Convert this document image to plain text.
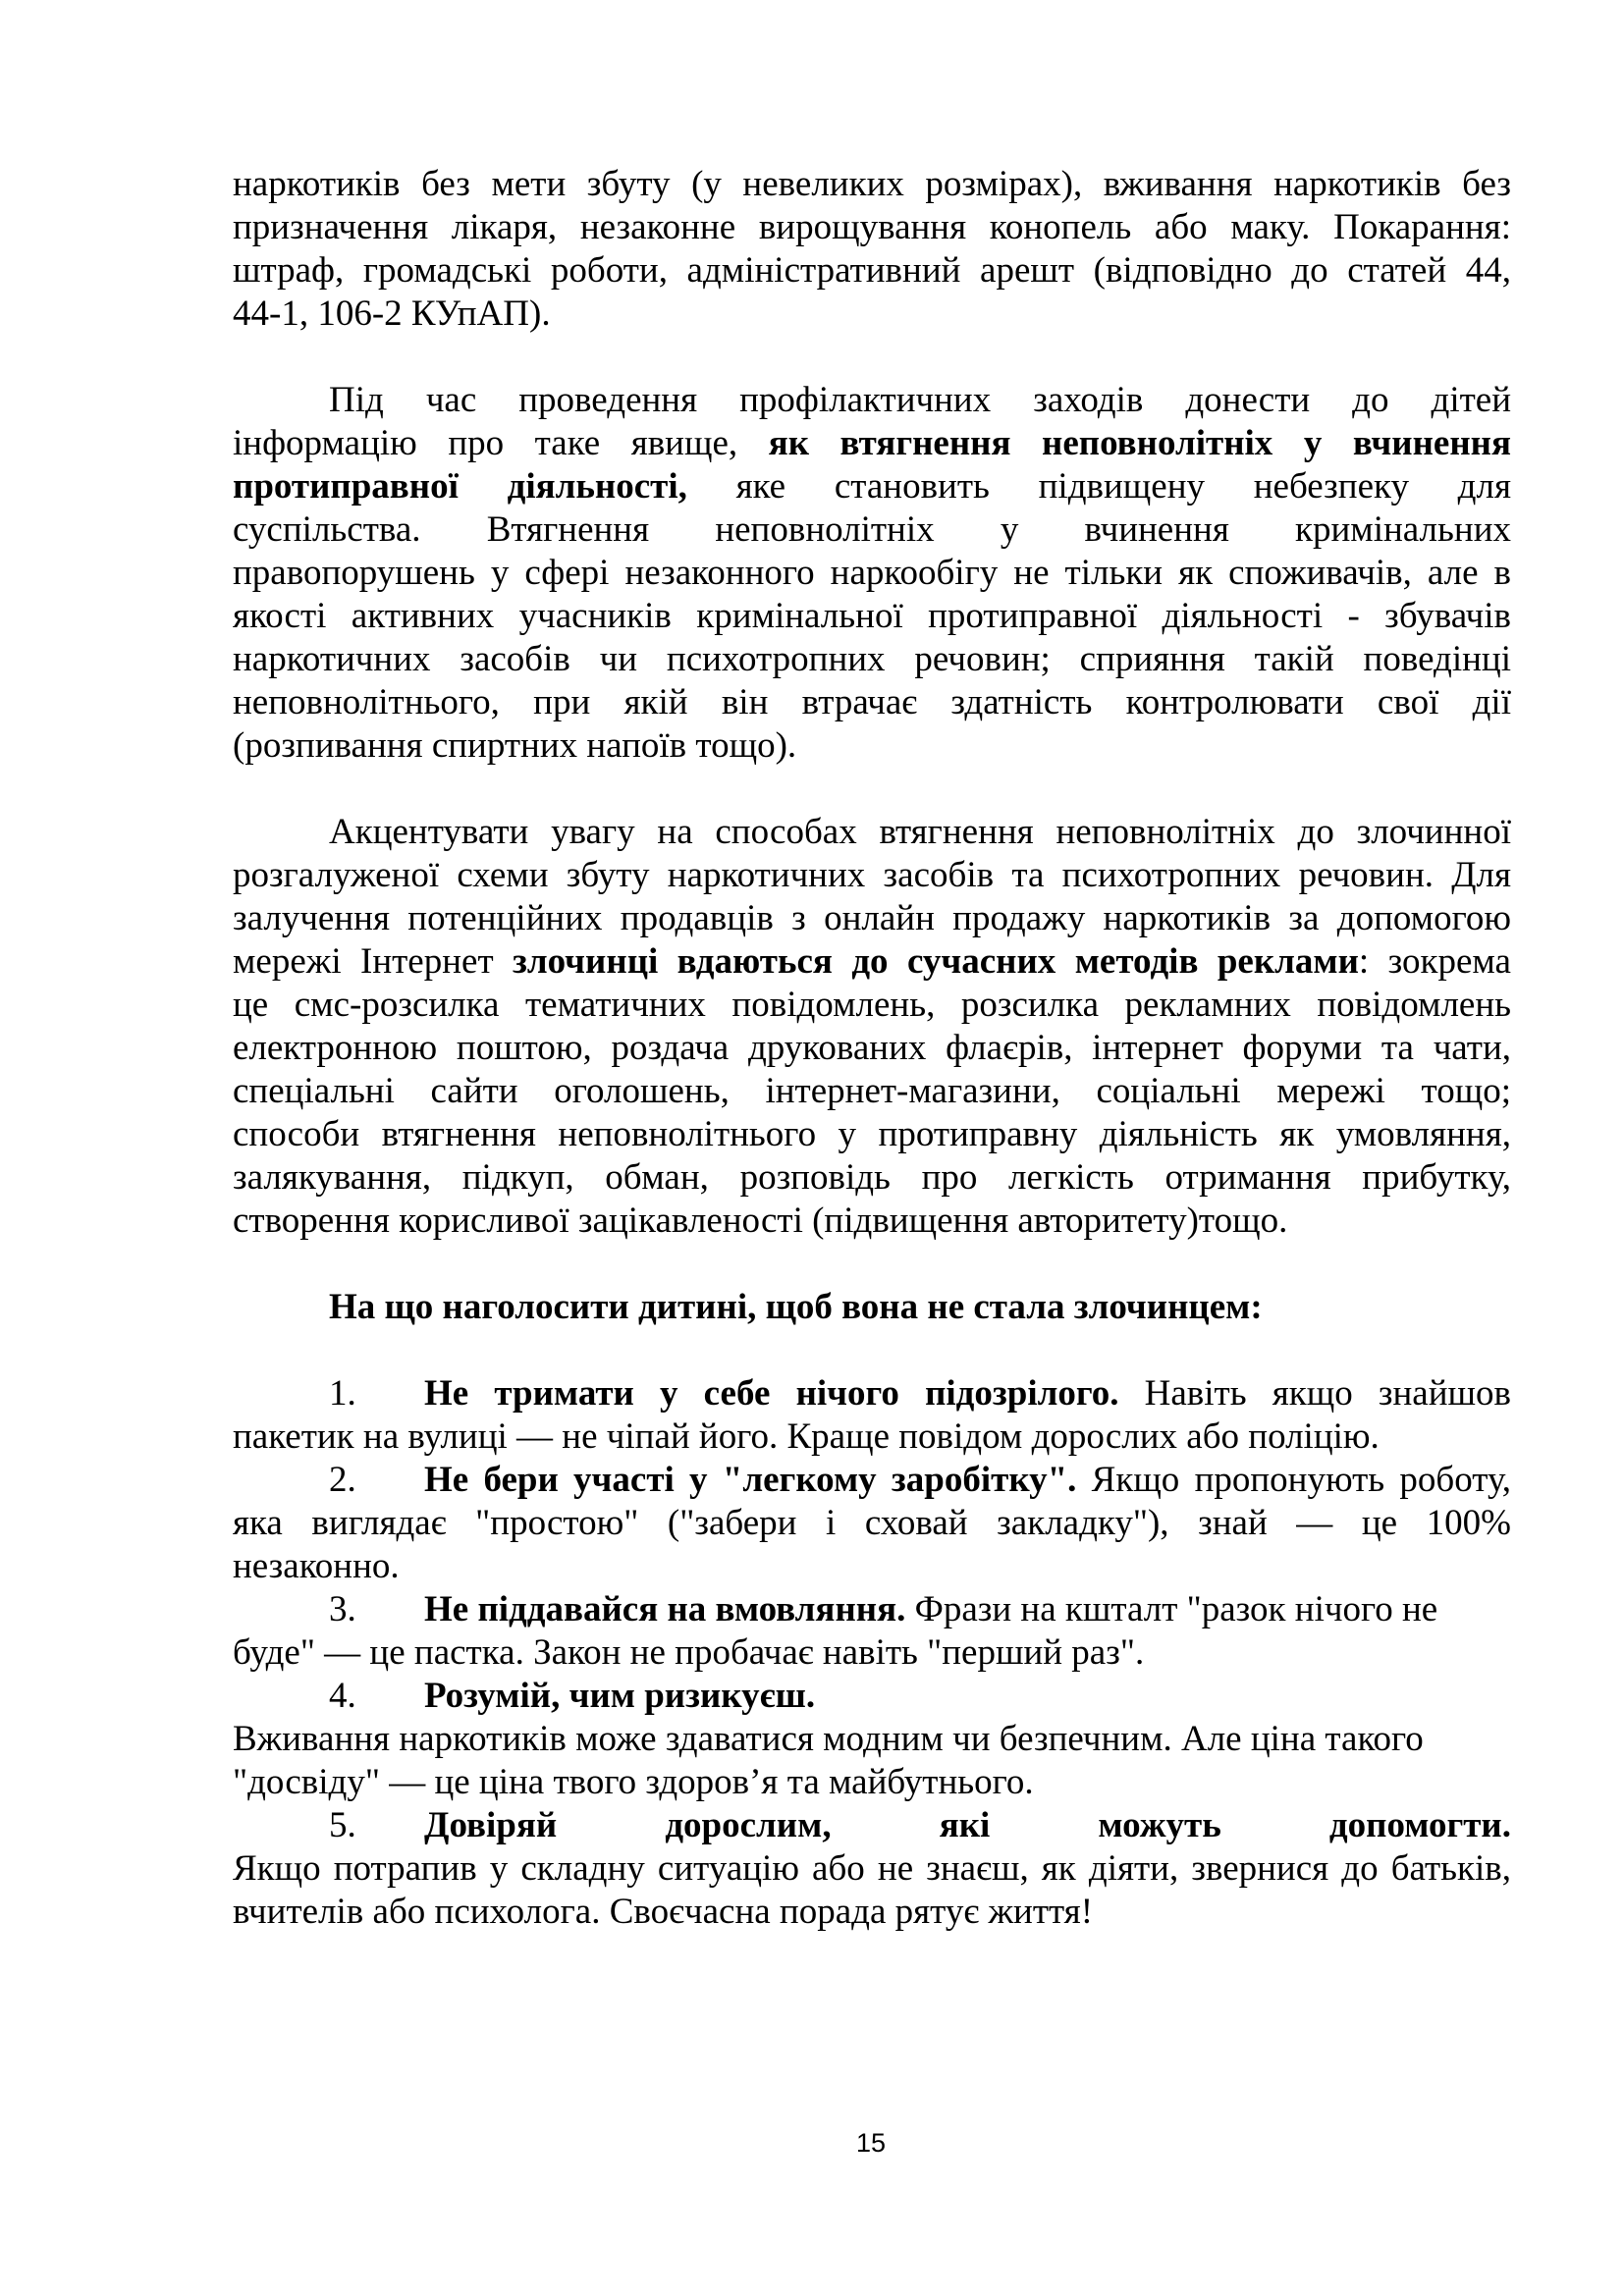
наркотиків без мети збуту (у невеликих розмірах), вживання наркотиків без
призначення лікаря, незаконне вирощування конопель або маку. Покарання:
штраф, громадські роботи, адміністративний арешт (відповідно до статей 44,
44-1, 106-2 КУпАП).
Під час проведення профілактичних заходів донести до дітей
інформацію про таке явище, як втягнення неповнолітніх у вчинення
протиправної діяльності, яке становить підвищену небезпеку для
суспільства. Втягнення неповнолітніх у вчинення кримінальних
правопорушень у сфері незаконного наркообігу не тільки як споживачів, але в
якості активних учасників кримінальної протиправної діяльності - збувачів
наркотичних засобів чи психотропних речовин; сприяння такій поведінці
неповнолітнього, при якій він втрачає здатність контролювати свої дії
(розпивання спиртних напоїв тощо).
Акцентувати увагу на способах втягнення неповнолітніх до злочинної
розгалуженої схеми збуту наркотичних засобів та психотропних речовин. Для
залучення потенційних продавців з онлайн продажу наркотиків за допомогою
мережі Інтернет злочинці вдаються до сучасних методів реклами: зокрема
це смс-розсилка тематичних повідомлень, розсилка рекламних повідомлень
електронною поштою, роздача друкованих флаєрів, інтернет форуми та чати,
спеціальні сайти оголошень, інтернет-магазини, соціальні мережі тощо;
способи втягнення неповнолітнього у протиправну діяльність як умовляння,
залякування, підкуп, обман, розповідь про легкість отримання прибутку,
створення корисливої зацікавленості (підвищення авторитету)тощо.
На що наголосити дитині, щоб вона не стала злочинцем:
1. Не тримати у себе нічого підозрілого. Навіть якщо знайшов
пакетик на вулиці — не чіпай його. Краще повідом дорослих або поліцію.
2. Не бери участі у "легкому заробітку". Якщо пропонують роботу,
яка виглядає "простою" ("забери і сховай закладку"), знай — це 100%
незаконно.
3. Не піддавайся на вмовляння. Фрази на кшталт "разок нічого не
буде" — це пастка. Закон не пробачає навіть "перший раз".
4. Розумій, чим ризикуєш.
Вживання наркотиків може здаватися модним чи безпечним. Але ціна такого
"досвіду" — це ціна твого здоров’я та майбутнього.
5. Довіряй дорослим, які можуть допомогти.
Якщо потрапив у складну ситуацію або не знаєш, як діяти, звернися до батьків,
вчителів або психолога. Своєчасна порада рятує життя!
15
